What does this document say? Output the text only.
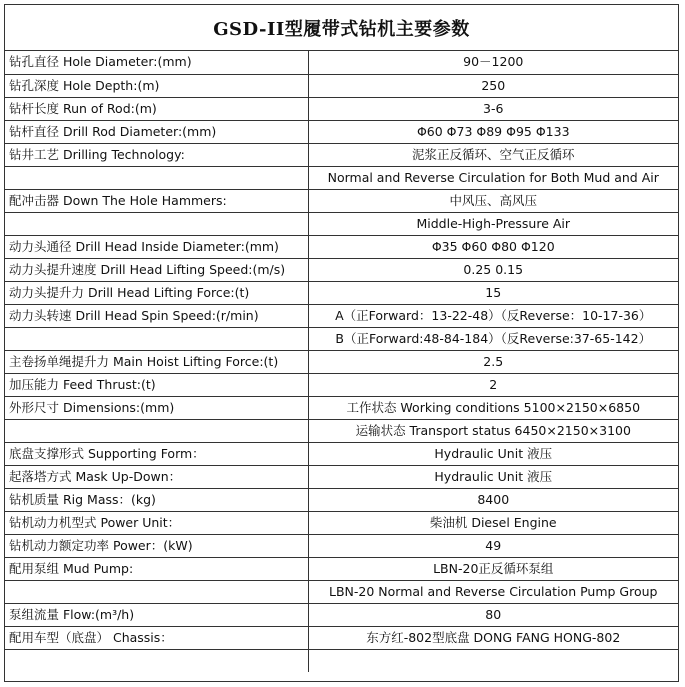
GSD-II型履带式钻机主要参数
钻孔直径 Hole Diameter:(mm)	90－1200
钻孔深度 Hole Depth:(m)	250
钻杆长度 Run of Rod:(m)	3-6
钻杆直径 Drill Rod Diameter:(mm)	Φ60 Φ73 Φ89 Φ95 Φ133
钻井工艺 Drilling Technology:	泥浆正反循环、空气正反循环
	Normal and Reverse Circulation for Both Mud and Air
配冲击器 Down The Hole Hammers:	中风压、高风压
	Middle-High-Pressure Air
动力头通径 Drill Head Inside Diameter:(mm)	Φ35 Φ60 Φ80 Φ120
动力头提升速度 Drill Head Lifting Speed:(m/s)	0.25 0.15
动力头提升力 Drill Head Lifting Force:(t)	15
动力头转速 Drill Head Spin Speed:(r/min)	A（正Forward：13-22-48）（反Reverse：10-17-36）
	B（正Forward:48-84-184）（反Reverse:37-65-142）
主卷扬单绳提升力 Main Hoist Lifting Force:(t)	2.5
加压能力 Feed Thrust:(t)	2
外形尺寸 Dimensions:(mm)	工作状态 Working conditions 5100×2150×6850
	运输状态 Transport status 6450×2150×3100
底盘支撑形式 Supporting Form：	Hydraulic Unit 液压
起落塔方式 Mask Up-Down：	Hydraulic Unit 液压
钻机质量 Rig Mass：(kg)	8400
钻机动力机型式 Power Unit：	柴油机 Diesel Engine
钻机动力额定功率 Power：(kW)	49
配用泵组 Mud Pump:	LBN-20正反循环泵组
	LBN-20 Normal and Reverse Circulation Pump Group
泵组流量 Flow:(m³/h)	80
配用车型（底盘） Chassis：	东方红-802型底盘 DONG FANG HONG-802
